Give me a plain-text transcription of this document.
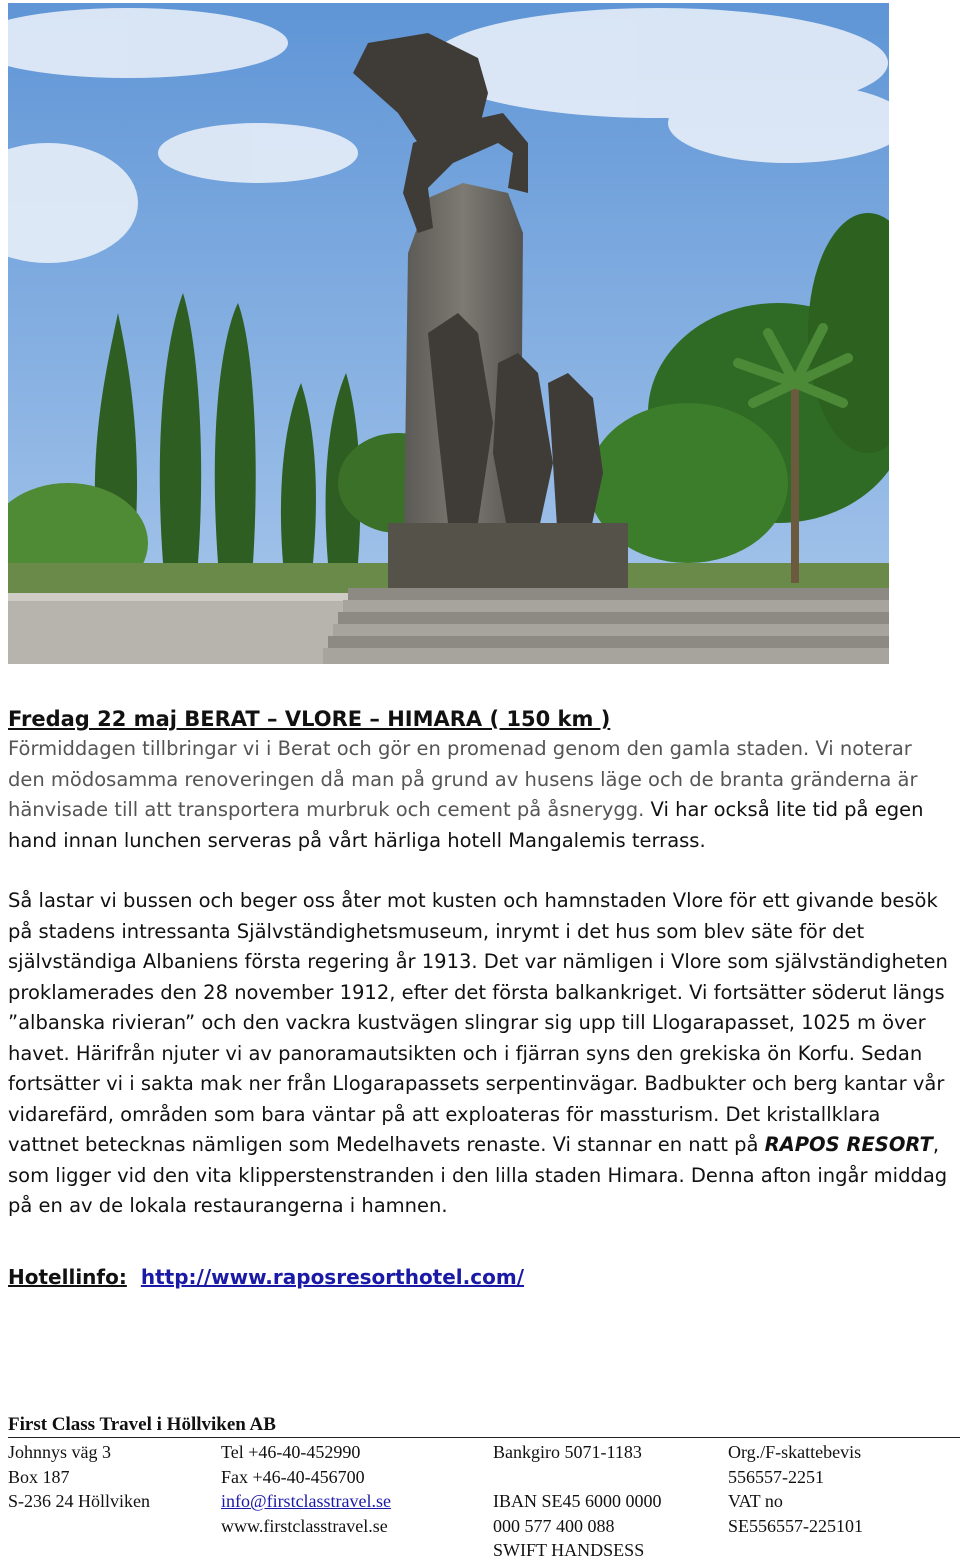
Fredag 22 maj BERAT – VLORE – HIMARA ( 150 km )

Förmiddagen tillbringar vi i Berat och gör en promenad genom den gamla staden. Vi noterar den mödosamma renoveringen då man på grund av husens läge och de branta gränderna är hänvisade till att transportera murbruk och cement på åsnerygg. Vi har också lite tid på egen hand innan lunchen serveras på vårt härliga hotell Mangalemis terrass.

Så lastar vi bussen och beger oss åter mot kusten och hamnstaden Vlore för ett givande besök på stadens intressanta Självständighetsmuseum, inrymt i det hus som blev säte för det självständiga Albaniens första regering år 1913. Det var nämligen i Vlore som självständigheten proklamerades den 28 november 1912, efter det första balkankriget. Vi fortsätter söderut längs ”albanska rivieran” och den vackra kustvägen slingrar sig upp till Llogarapasset, 1025 m över havet. Härifrån njuter vi av panoramautsikten och i fjärran syns den grekiska ön Korfu. Sedan fortsätter vi i sakta mak ner från Llogarapassets serpentinvägar. Badbukter och berg kantar vår vidarefärd, områden som bara väntar på att exploateras för massturism. Det kristallklara vattnet betecknas nämligen som Medelhavets renaste. Vi stannar en natt på RAPOS RESORT, som ligger vid den vita klipperstenstranden i den lilla staden Himara. Denna afton ingår middag på en av de lokala restaurangerna i hamnen.

Hotellinfo: http://www.raposresorthotel.com/
First Class Travel i Höllviken AB
Johnnys väg 3
Box 187
S-236 24 Höllviken
Tel +46-40-452990
Fax +46-40-456700
info@firstclasstravel.se
www.firstclasstravel.se
Bankgiro 5071-1183
IBAN SE45 6000 0000
000 577 400 088
SWIFT HANDSESS
Org./F-skattebevis
556557-2251
VAT no
SE556557-225101
